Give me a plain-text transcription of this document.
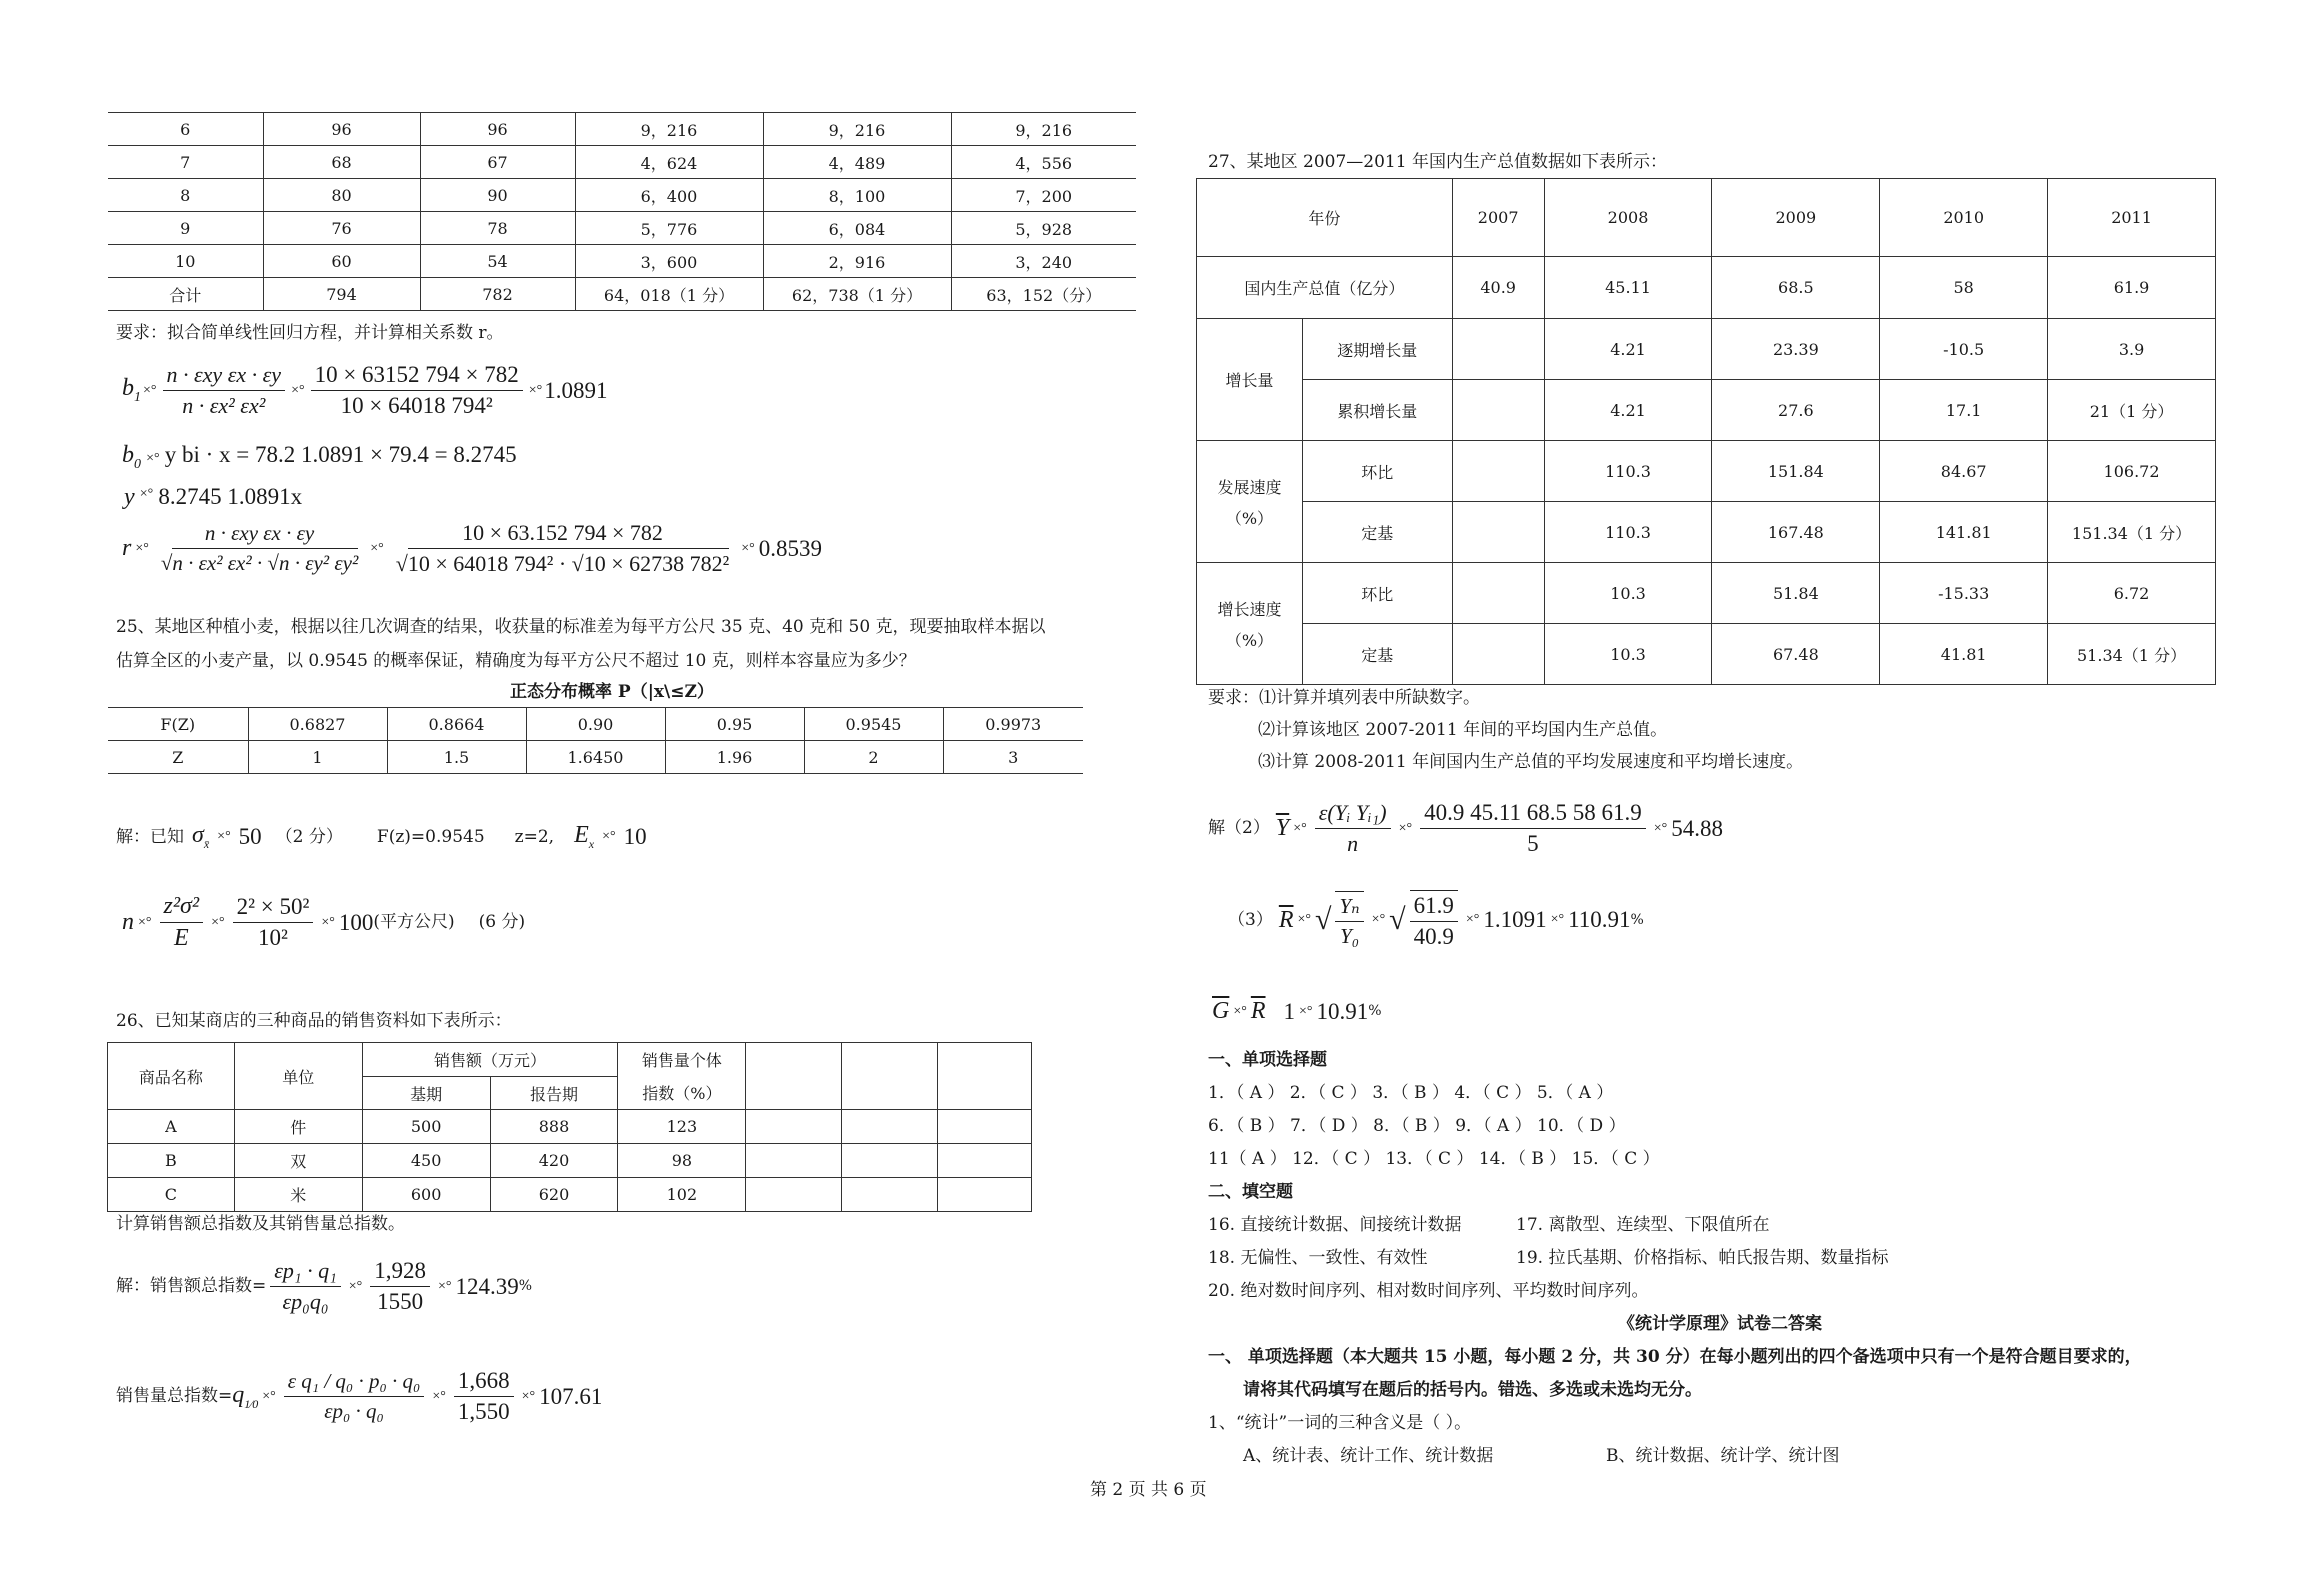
6	96	96	9，216	9，216	9，216
7	68	67	4，624	4，489	4，556
8	80	90	6，400	8，100	7，200
9	76	78	5，776	6，084	5，928
10	60	54	3，600	2，916	3，240
合计	794	782	64，018（1 分）	62，738（1 分）	63，152（分）
要求：拟合简单线性回归方程，并计算相关系数 r。
$b_1$ ×° $\frac{\text{n · εxy εx · εy}}{\text{n · εx² εx²}}$ ×° $\frac{10 \times 63152 794 \times 782}{\text{10 × 64018 794²}}$ ×° 1.0891
$b_0$ ×° y bi · x = 78.2 1.0891 × 79.4 = 8.2745
y ×° 8.2745 1.0891x
r ×° $\frac{\text{n · εxy εx · εy}}{\text{√n · εx² εx² · √n · εy² εy²}}$ ×° $\frac{10 \times 63.152 794 \times 782}{\text{√10 × 64018 794² · √10 × 62738 782²}}$ ×° 0.8539
25、某地区种植小麦，根据以往几次调查的结果，收获量的标准差为每平方公尺 35 克、40 克和 50 克，现要抽取样本据以
估算全区的小麦产量，以 0.9545 的概率保证，精确度为每平方公尺不超过 10 克，则样本容量应为多少？
正态分布概率 P（|x\≤Z）
F(Z)	0.6827	0.8664	0.90	0.95	0.9545	0.9973
Z	1	1.5	1.6450	1.96	2	3
解：已知 $\sigma_{x̄}$ ×° 50 （2 分） F(z)=0.9545 z=2, $E_x$ ×° 10
n ×° $\frac{\text{z²σ²}}{E}$ ×° $\frac{\text{2² × 50²}}{\text{10²}}$ ×° 100 (平方公尺) (6 分)
26、已知某商店的三种商品的销售资料如下表所示：
商品名称	单位	销售额（万元）		销售量个体			
		基期	报告期	指数（%）			
A	件	500	888	123			
B	双	450	420	98			
C	米	600	620	102			
计算销售额总指数及其销售量总指数。
解：销售额总指数= $\frac{\text{εp₁ · q₁}}{\text{εp₀q₀}}$ ×° $\frac{1,928}{1550}$ ×° 124.39 %
销售量总指数= $q_{1⁄0}$ ×° $\frac{\text{ε q₁ / q₀ · p₀ · q₀}}{\text{εp₀ · q₀}}$ ×° $\frac{1,668}{1,550}$ ×° 107.61
27、某地区 2007—2011 年国内生产总值数据如下表所示：
年份		2007	2008	2009	2010	2011
国内生产总值（亿分）		40.9	45.11	68.5	58	61.9

增长量	逐期增长量		4.21	23.39	-10.5	3.9
	累积增长量		4.21	27.6	17.1	21（1 分）

发展速度
（%）	环比		110.3	151.84	84.67	106.72
	定基		110.3	167.48	141.81	151.34（1 分）

增长速度
（%）	环比		10.3	51.84	-15.33	6.72
	定基		10.3	67.48	41.81	51.34（1 分）
要求：⑴计算并填列表中所缺数字。
⑵计算该地区 2007-2011 年间的平均国内生产总值。
⑶计算 2008-2011 年间国内生产总值的平均发展速度和平均增长速度。
解（2） $\overline{Y}$ ×° $\frac{\text{ε(Yᵢ Yᵢ₁)}}{n}$ ×° $\frac{40.9 45.11 68.5 58 61.9}{5}$ ×° 54.88
（3） $\overline{R}$ ×° √ $\frac{\text{Yₙ}}{\text{Y₀}}$ ×° √ $\frac{61.9}{40.9}$ ×° 1.1091 ×° 110.91 %
$\overline{G}$ ×° $\overline{R}$ 1 ×° 10.91 %
一、单项选择题
1．（ A ） 2．（ C ） 3．（ B ） 4．（ C ） 5．（ A ）
6．（ B ） 7．（ D ） 8．（ B ） 9．（ A ） 10．（ D ）
11（ A ） 12．（ C ） 13．（ C ） 14．（ B ） 15．（ C ）
二、填空题
16. 直接统计数据、间接统计数据	17. 离散型、连续型、下限值所在
18. 无偏性、一致性、有效性	19. 拉氏基期、价格指标、帕氏报告期、数量指标
20. 绝对数时间序列、相对数时间序列、平均数时间序列。
《统计学原理》试卷二答案
一、 单项选择题（本大题共 15 小题，每小题 2 分，共 30 分）在每小题列出的四个备选项中只有一个是符合题目要求的，
请将其代码填写在题后的括号内。错选、多选或未选均无分。
1、“统计”一词的三种含义是（ ）。
A、统计表、统计工作、统计数据	B、统计数据、统计学、统计图
第 2 页 共 6 页
